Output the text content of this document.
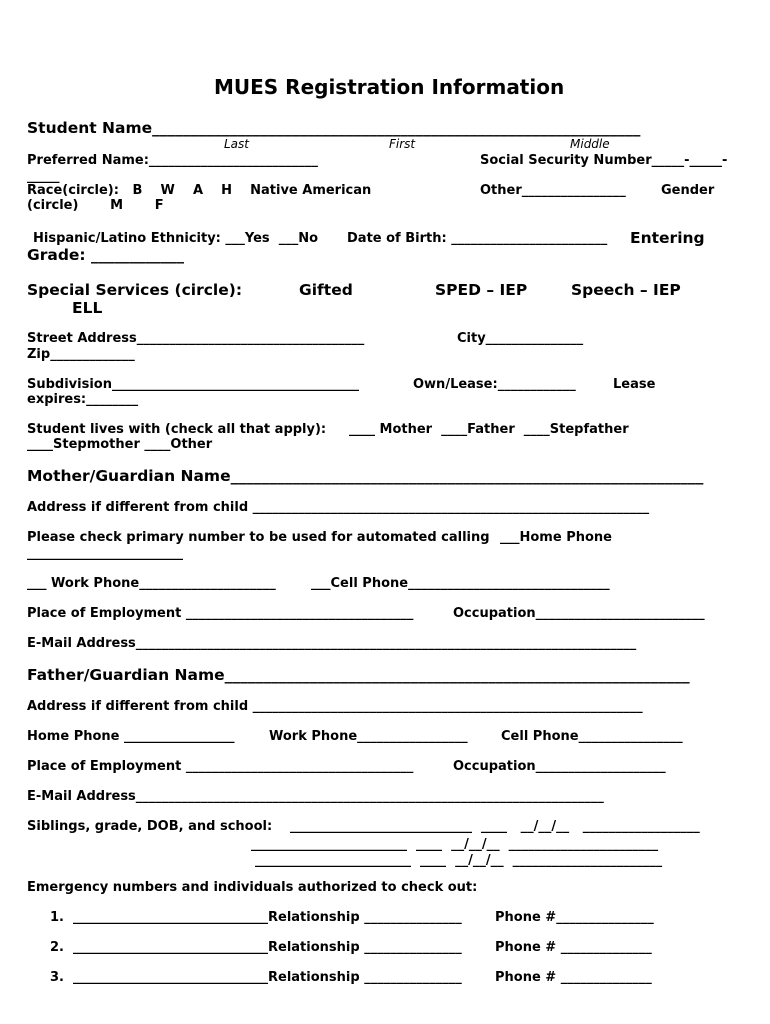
MUES Registration Information
Student Name_______________________________________________________________
Last	First	Middle
Preferred Name:__________________________	Social Security Number_____-_____-
_____
Race(circle):   B    W    A    H    Native American	Other________________	Gender
(circle)       M       F
Hispanic/Latino Ethnicity: ___Yes  ___No Date of Birth: ________________________ Entering
Grade: ____________
Special Services (circle):	Gifted	SPED – IEP	Speech – IEP
ELL
Street Address___________________________________	City_______________
Zip_____________
Subdivision______________________________________	Own/Lease:____________	Lease
expires:________
Student lives with (check all that apply): ____ Mother  ____Father  ____Stepfather
____Stepmother ____Other
Mother/Guardian Name_____________________________________________________________
Address if different from child _____________________________________________________________
Please check primary number to be used for automated calling ___Home Phone
________________________
___ Work Phone_____________________	___Cell Phone_______________________________
Place of Employment ___________________________________	Occupation__________________________
E-Mail Address_____________________________________________________________________________
Father/Guardian Name____________________________________________________________
Address if different from child ____________________________________________________________
Home Phone _________________	Work Phone_________________	Cell Phone________________
Place of Employment ___________________________________	Occupation____________________
E-Mail Address________________________________________________________________________
Siblings, grade, DOB, and school: ____________________________  ____   __/__/__   __________________
________________________  ____  __/__/__  _______________________
________________________  ____  __/__/__  _______________________
Emergency numbers and individuals authorized to check out:
1. ______________________________Relationship _______________	Phone #_______________
2. ______________________________Relationship _______________	Phone # ______________
3. ______________________________Relationship _______________	Phone # ______________
